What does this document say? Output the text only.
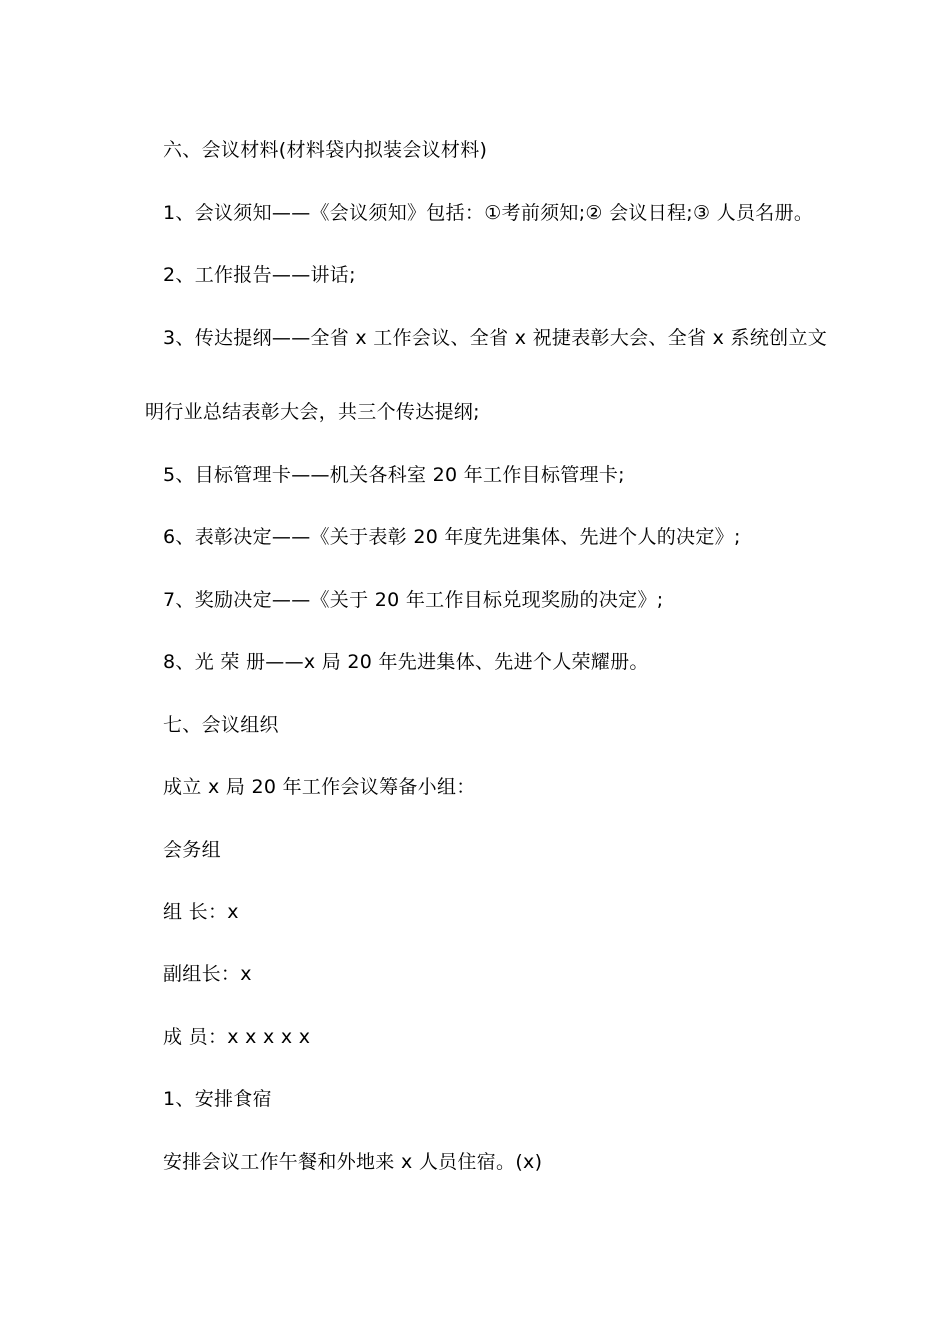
六、会议材料(材料袋内拟装会议材料)
1、会议须知——《会议须知》包括：①考前须知;② 会议日程;③ 人员名册。
2、工作报告——讲话;
3、传达提纲——全省 x 工作会议、全省 x 祝捷表彰大会、全省 x 系统创立文
明行业总结表彰大会，共三个传达提纲;
5、目标管理卡——机关各科室 20 年工作目标管理卡;
6、表彰决定——《关于表彰 20 年度先进集体、先进个人的决定》;
7、奖励决定——《关于 20 年工作目标兑现奖励的决定》;
8、光 荣 册——x 局 20 年先进集体、先进个人荣耀册。
七、会议组织
成立 x 局 20 年工作会议筹备小组：
会务组
组 长：x
副组长：x
成 员：x x x x x
1、安排食宿
安排会议工作午餐和外地来 x 人员住宿。(x)
